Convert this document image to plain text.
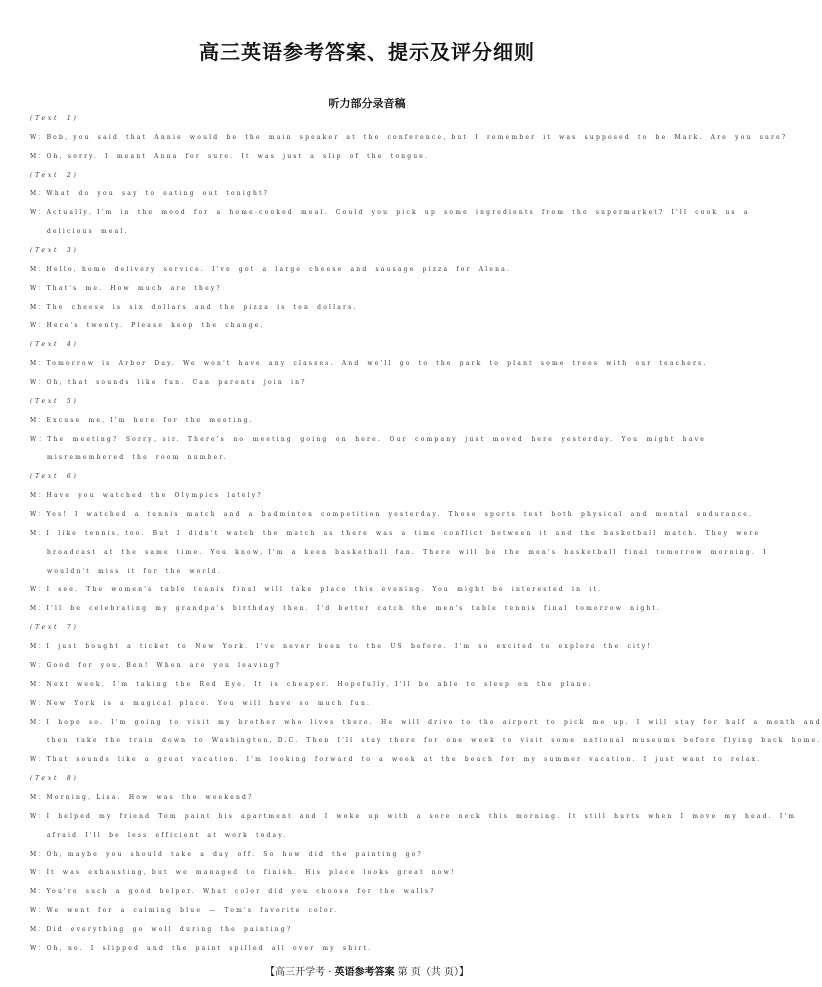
高三英语参考答案、提示及评分细则
听力部分录音稿
(Text 1)
W：Bob，you said that Annie would be the main speaker at the conference，but I remember it was supposed to be Mark. Are you sure?
M：Oh，sorry. I meant Anna for sure. It was just a slip of the tongue.
(Text 2)
M：What do you say to eating out tonight?
W：Actually，I'm in the mood for a home-cooked meal. Could you pick up some ingredients from the supermarket? I'll cook us a
delicious meal.
(Text 3)
M：Hello，home delivery service. I've got a large cheese and sausage pizza for Alena.
W：That's me. How much are they?
M：The cheese is six dollars and the pizza is ten dollars.
W：Here's twenty. Please keep the change.
(Text 4)
M：Tomorrow is Arbor Day. We won't have any classes. And we'll go to the park to plant some trees with our teachers.
W：Oh，that sounds like fun. Can parents join in?
(Text 5)
M：Excuse me，I'm here for the meeting.
W：The meeting? Sorry，sir. There's no meeting going on here. Our company just moved here yesterday. You might have
misremembered the room number.
(Text 6)
M：Have you watched the Olympics lately?
W：Yes! I watched a tennis match and a badminton competition yesterday. Those sports test both physical and mental endurance.
M：I like tennis，too. But I didn't watch the match as there was a time conflict between it and the basketball match. They were
broadcast at the same time. You know，I'm a keen basketball fan. There will be the men's basketball final tomorrow morning. I
wouldn't miss it for the world.
W：I see. The women's table tennis final will take place this evening. You might be interested in it.
M：I'll be celebrating my grandpa's birthday then. I'd better catch the men's table tennis final tomorrow night.
(Text 7)
M：I just bought a ticket to New York. I've never been to the US before. I'm so excited to explore the city!
W：Good for you，Ben! When are you leaving?
M：Next week. I'm taking the Red Eye. It is cheaper. Hopefully，I'll be able to sleep on the plane.
W：New York is a magical place. You will have so much fun.
M：I hope so. I'm going to visit my brother who lives there. He will drive to the airport to pick me up. I will stay for half a month and
then take the train down to Washington，D.C. Then I'll stay there for one week to visit some national museums before flying back home.
W：That sounds like a great vacation. I'm looking forward to a week at the beach for my summer vacation. I just want to relax.
(Text 8)
M：Morning，Lisa. How was the weekend?
W：I helped my friend Tom paint his apartment and I woke up with a sore neck this morning. It still hurts when I move my head. I'm
afraid I'll be less efficient at work today.
M：Oh，maybe you should take a day off. So how did the painting go?
W：It was exhausting，but we managed to finish. His place looks great now!
M：You're such a good helper. What color did you choose for the walls?
W：We went for a calming blue — Tom's favorite color.
M：Did everything go well during the painting?
W：Oh，no. I slipped and the paint spilled all over my shirt.
【高三开学考 · 英语参考答案 第 页（共 页）】
